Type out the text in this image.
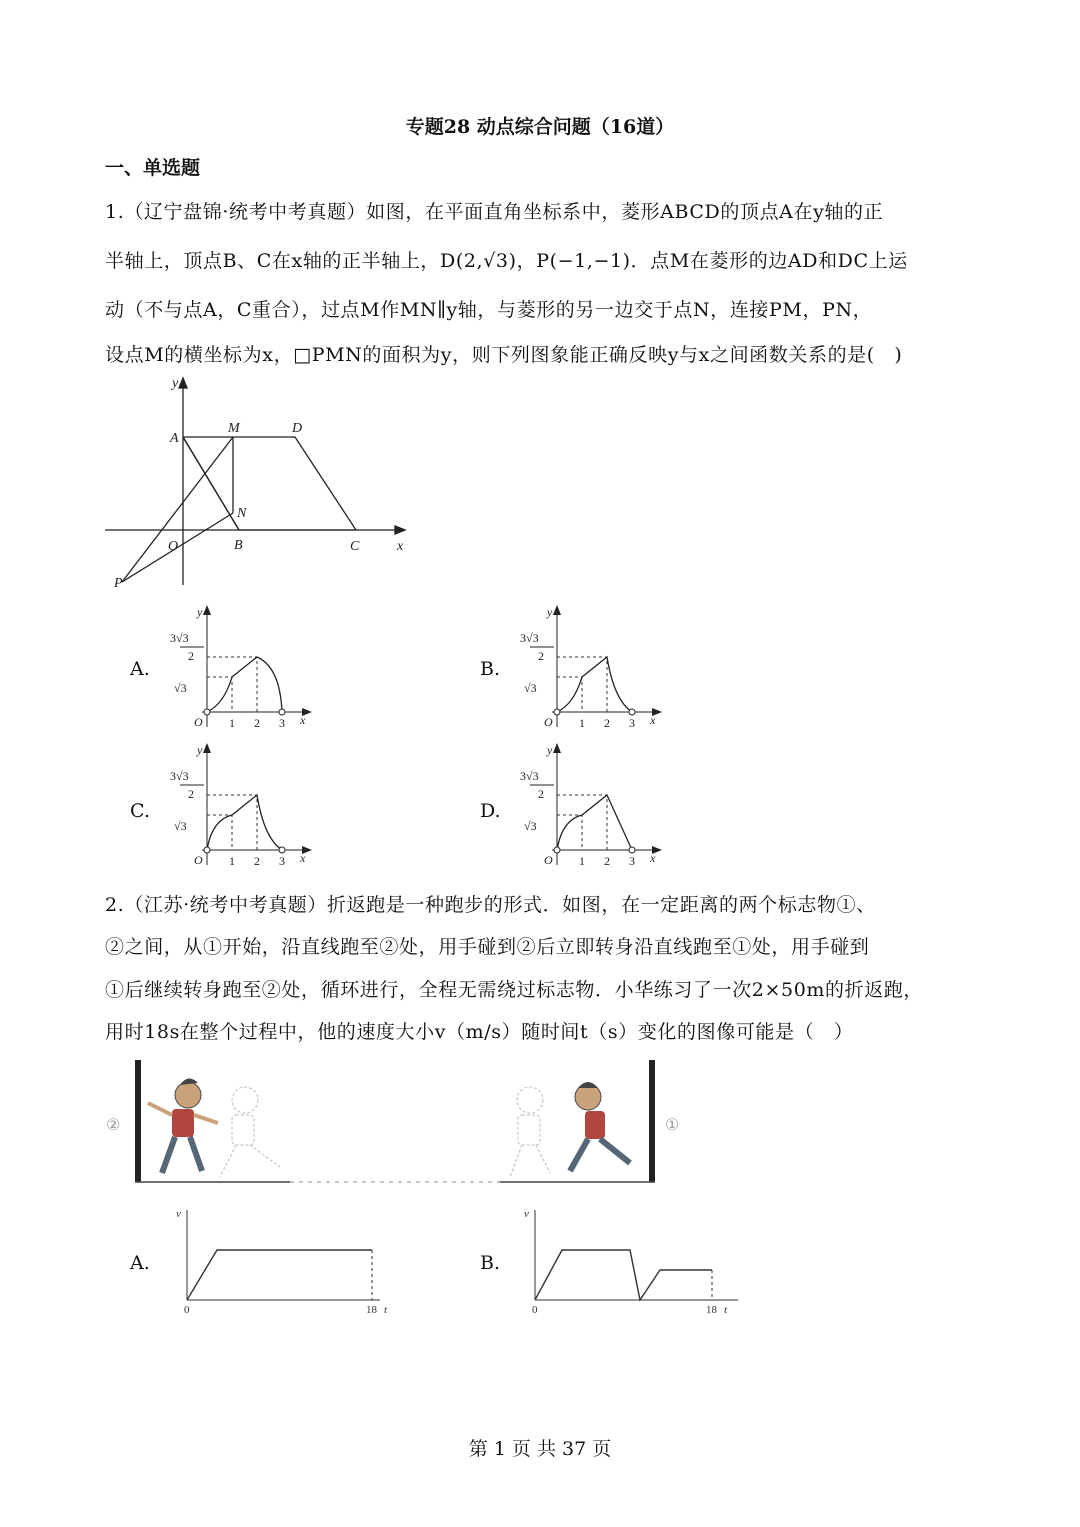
专题28 动点综合问题（16道）
一、单选题
1.（辽宁盘锦·统考中考真题）如图，在平面直角坐标系中，菱形ABCD的顶点A在y轴的正
半轴上，顶点B、C在x轴的正半轴上，D(2,√3)，P(−1,−1)．点M在菱形的边AD和DC上运
动（不与点A，C重合），过点M作MN∥y轴，与菱形的另一边交于点N，连接PM，PN，
设点M的横坐标为x，□PMN的面积为y，则下列图象能正确反映y与x之间函数关系的是(　)
y
A
M	D
N
O	B	C	x
P
A.	B.
C.	D.
y
x
O 1 2 3
3√3
2
√3
y
x
O 1 2 3
3√3
2
√3
y
x
O 1 2 3
3√3
2
√3
y
x
O 1 2 3
3√3
2
√3
2.（江苏·统考中考真题）折返跑是一种跑步的形式．如图，在一定距离的两个标志物①、
②之间，从①开始，沿直线跑至②处，用手碰到②后立即转身沿直线跑至①处，用手碰到
①后继续转身跑至②处，循环进行，全程无需绕过标志物．小华练习了一次2×50m的折返跑，
用时18s在整个过程中，他的速度大小v（m/s）随时间t（s）变化的图像可能是（　）
②	①
A.	B.
v
0	18 t
v
0	18 t
第 1 页 共 37 页
